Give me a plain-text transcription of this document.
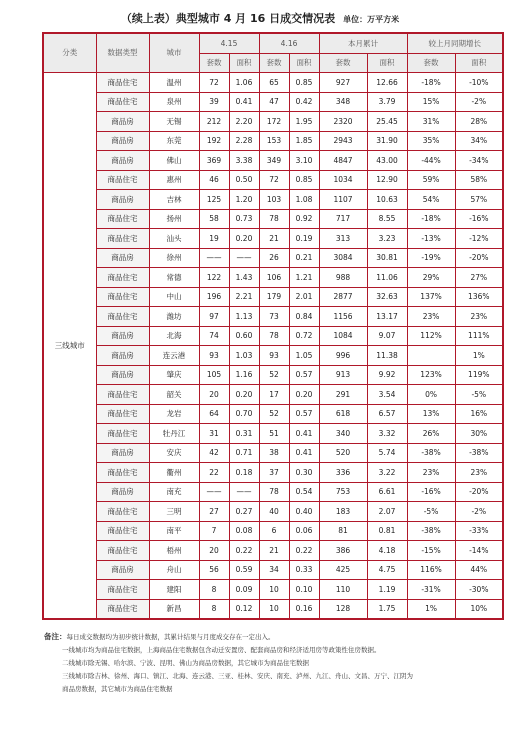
（续上表）典型城市 4 月 16 日成交情况表 单位：万平方米
分类	数据类型	城市	4.15		4.16		本月累计		较上月同期增长	
			套数	面积	套数	面积	套数	面积	套数	面积
三线城市	商品住宅	温州	72	1.06	65	0.85	927	12.66	-18%	-10%
	商品住宅	泉州	39	0.41	47	0.42	348	3.79	15%	-2%
	商品房	无锡	212	2.20	172	1.95	2320	25.45	31%	28%
	商品房	东莞	192	2.28	153	1.85	2943	31.90	35%	34%
	商品房	佛山	369	3.38	349	3.10	4847	43.00	-44%	-34%
	商品住宅	惠州	46	0.50	72	0.85	1034	12.90	59%	58%
	商品房	吉林	125	1.20	103	1.08	1107	10.63	54%	57%
	商品住宅	扬州	58	0.73	78	0.92	717	8.55	-18%	-16%
	商品住宅	汕头	19	0.20	21	0.19	313	3.23	-13%	-12%
	商品房	徐州	——	——	26	0.21	3084	30.81	-19%	-20%
	商品住宅	常德	122	1.43	106	1.21	988	11.06	29%	27%
	商品住宅	中山	196	2.21	179	2.01	2877	32.63	137%	136%
	商品住宅	潍坊	97	1.13	73	0.84	1156	13.17	23%	23%
	商品房	北海	74	0.60	78	0.72	1084	9.07	112%	111%
	商品房	连云港	93	1.03	93	1.05	996	11.38		1%
	商品房	肇庆	105	1.16	52	0.57	913	9.92	123%	119%
	商品住宅	韶关	20	0.20	17	0.20	291	3.54	0%	-5%
	商品住宅	龙岩	64	0.70	52	0.57	618	6.57	13%	16%
	商品住宅	牡丹江	31	0.31	51	0.41	340	3.32	26%	30%
	商品房	安庆	42	0.71	38	0.41	520	5.74	-38%	-38%
	商品住宅	衢州	22	0.18	37	0.30	336	3.22	23%	23%
	商品房	南充	——	——	78	0.54	753	6.61	-16%	-20%
	商品住宅	三明	27	0.27	40	0.40	183	2.07	-5%	-2%
	商品住宅	南平	7	0.08	6	0.06	81	0.81	-38%	-33%
	商品住宅	梧州	20	0.22	21	0.22	386	4.18	-15%	-14%
	商品房	舟山	56	0.59	34	0.33	425	4.75	116%	44%
	商品住宅	建阳	8	0.09	10	0.10	110	1.19	-31%	-30%
	商品住宅	新昌	8	0.12	10	0.16	128	1.75	1%	10%
备注：每日成交数据均为初步统计数据，其累计结果与月度成交存在一定出入。
一线城市均为商品住宅数据，上海商品住宅数据包含动迁安置房、配套商品房和经济适用房等政策性住房数据。
二线城市除无锡、哈尔滨、宁波、昆明、佛山为商品房数据，其它城市为商品住宅数据
三线城市除吉林、徐州、海口、镇江、北海、连云港、三亚、桂林、安庆、南充、泸州、九江、舟山、文昌、万宁、江阴为
商品房数据，其它城市为商品住宅数据
